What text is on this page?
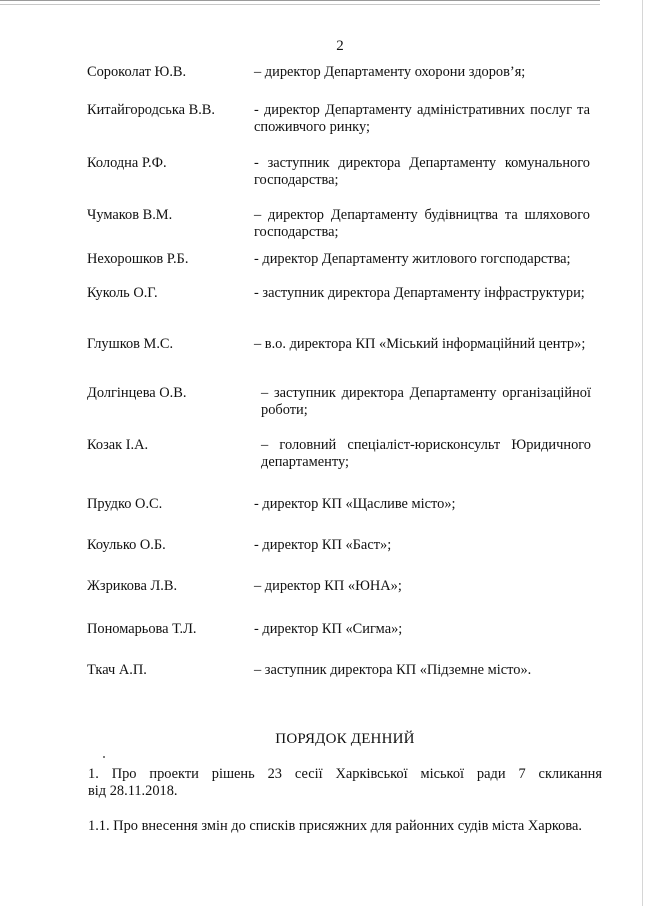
2
Сороколат Ю.В.	– директор Департаменту охорони здоров’я;
Китайгородська В.В.	- директор Департаменту адміністративних послуг та споживчого ринку;
Колодна Р.Ф.	- заступник директора Департаменту комунального господарства;
Чумаков В.М.	– директор Департаменту будівництва та шляхового господарства;
Нехорошков Р.Б.	- директор Департаменту житлового гогсподарства;
Куколь О.Г.	- заступник директора Департаменту інфраструктури;
Глушков М.С.	– в.о. директора КП «Міський інформаційний центр»;
Долгінцева О.В.	– заступник директора Департаменту організаційної роботи;
Козак І.А.	– головний спеціаліст-юрисконсульт Юридичного департаменту;
Прудко О.С.	- директор КП «Щасливе місто»;
Коулько О.Б.	- директор КП «Баст»;
Жзрикова Л.В.	– директор КП «ЮНА»;
Пономарьова Т.Л.	- директор КП «Сигма»;
Ткач А.П.	– заступник директора КП «Підземне місто».
ПОРЯДОК ДЕННИЙ
1. Про проекти рішень 23 сесії Харківської міської ради 7 скликання
від 28.11.2018.
1.1. Про внесення змін до списків присяжних для районних судів міста Харкова.
